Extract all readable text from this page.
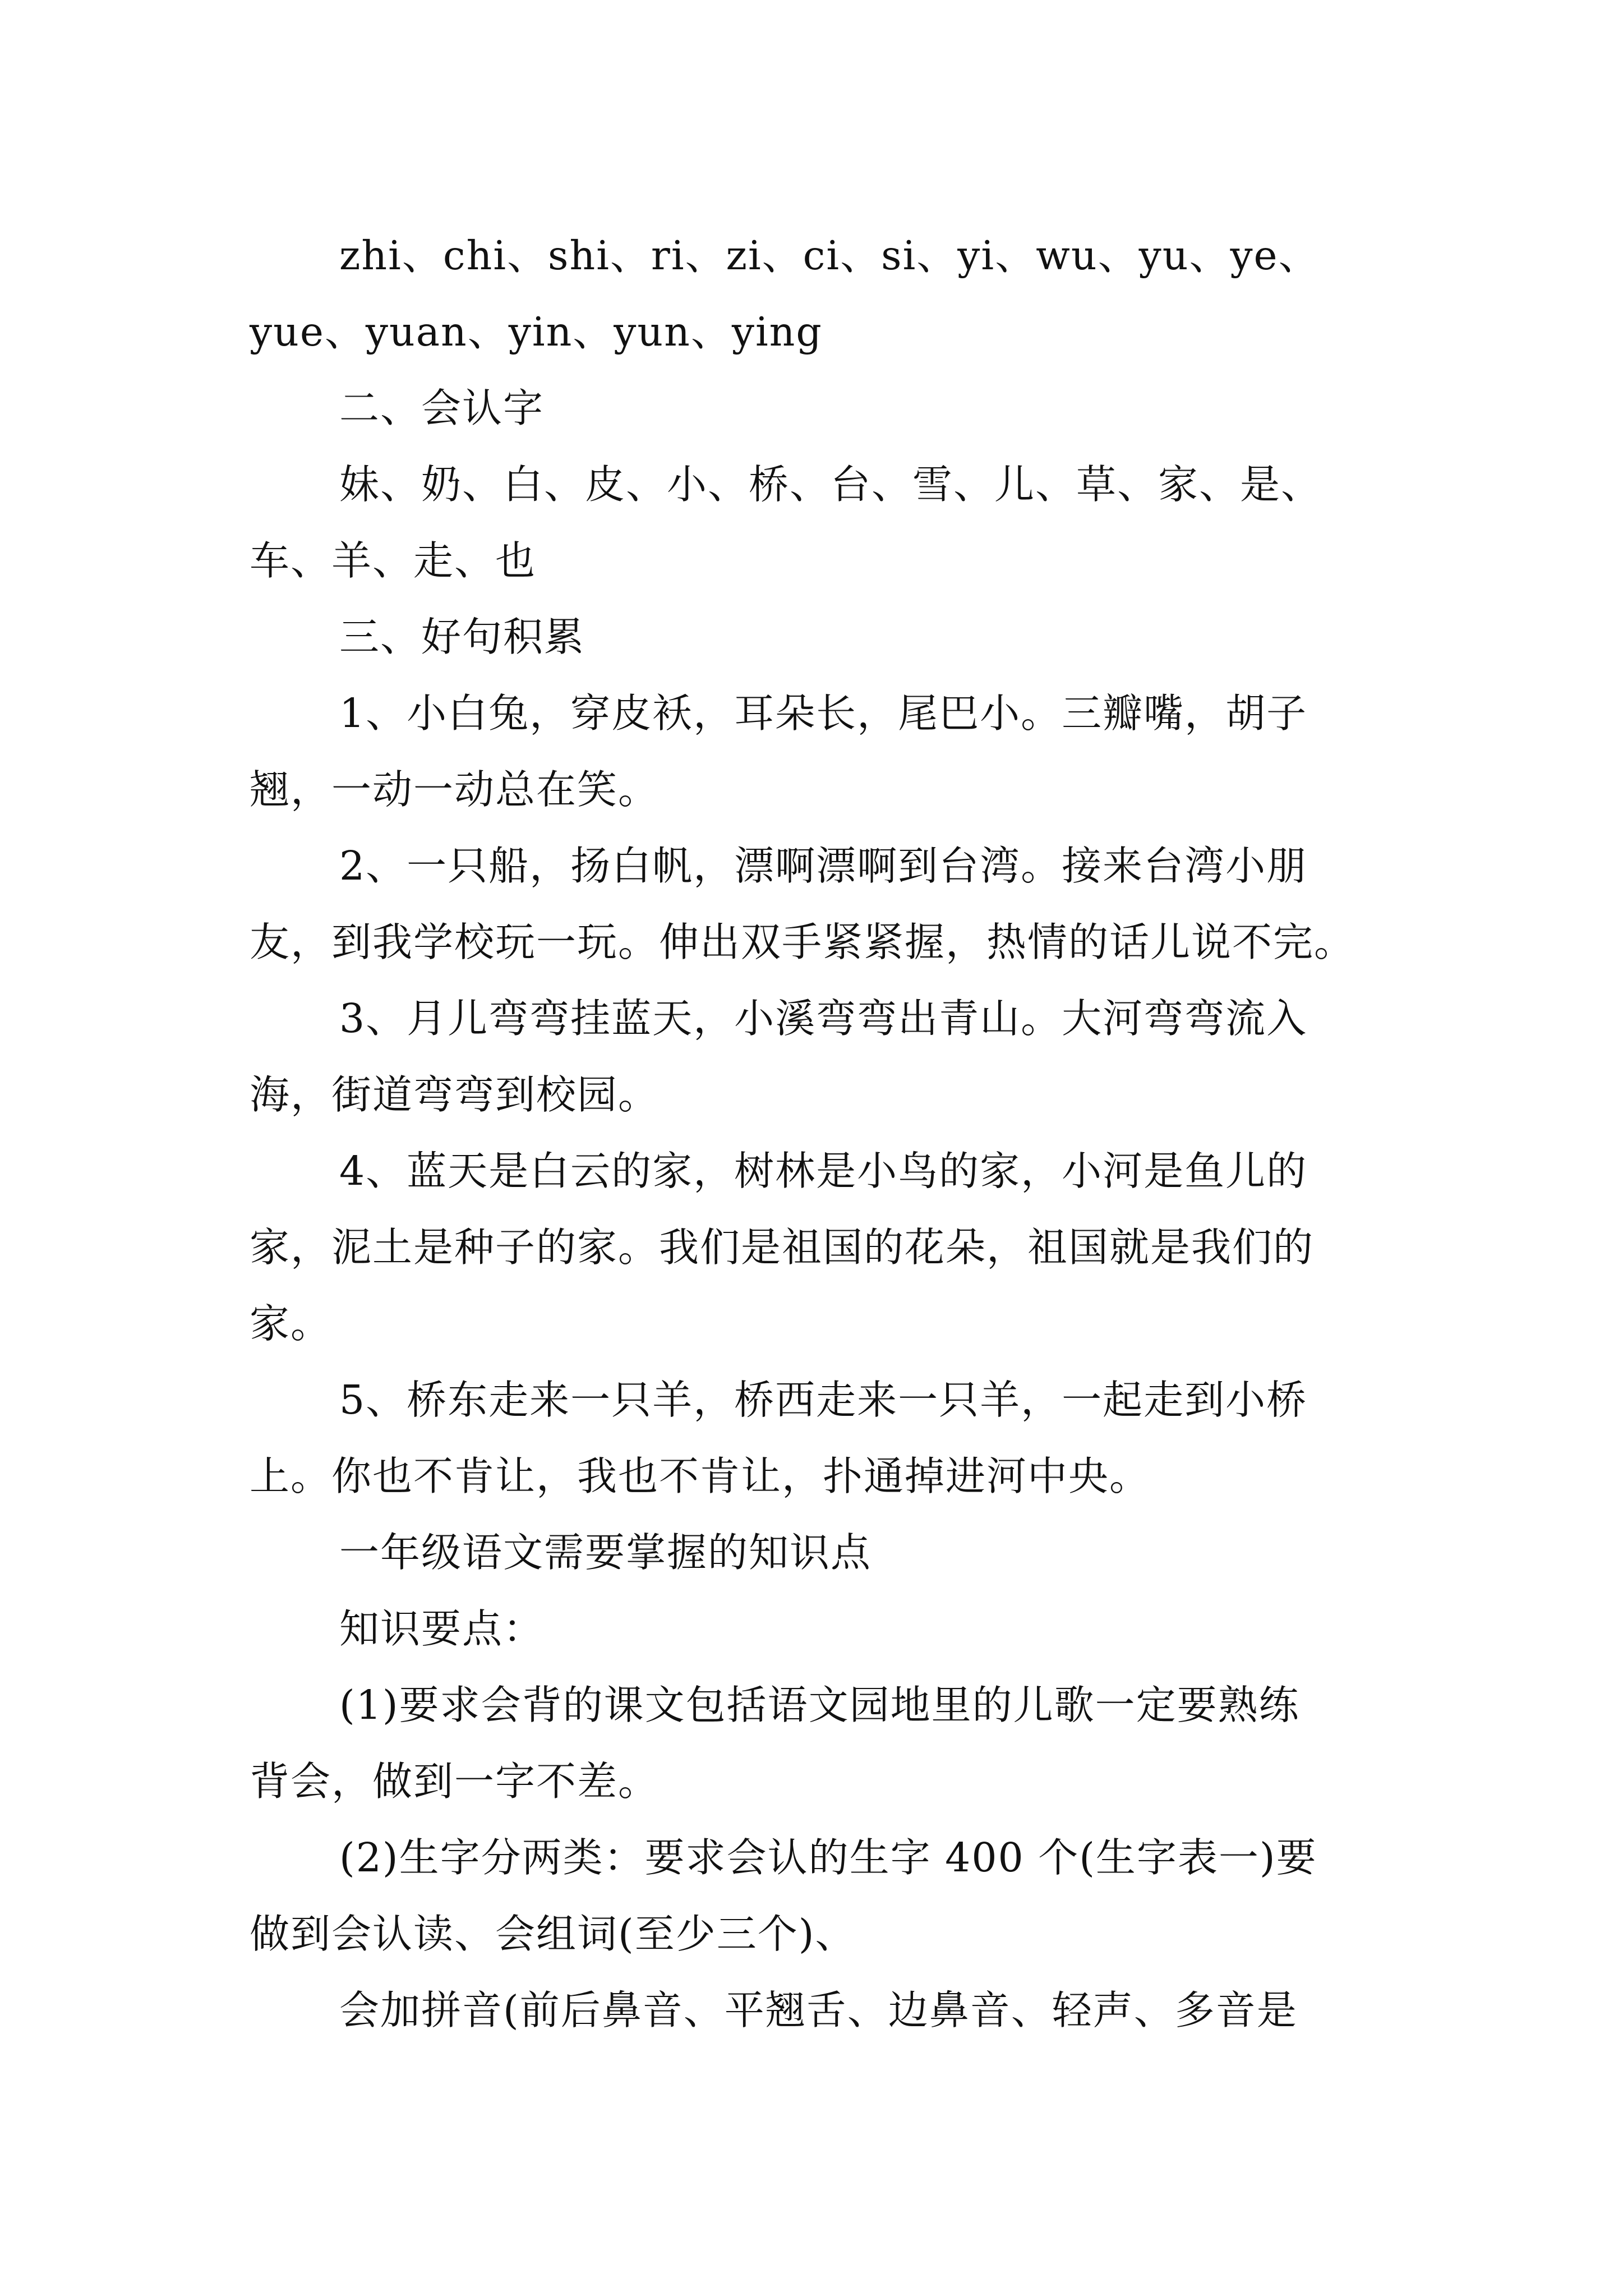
zhi、chi、shi、ri、zi、ci、si、yi、wu、yu、ye、
yue、yuan、yin、yun、ying

二、会认字

妹、奶、白、皮、小、桥、台、雪、儿、草、家、是、
车、羊、走、也

三、好句积累

1、小白兔，穿皮袄，耳朵长，尾巴小。三瓣嘴，胡子
翘，一动一动总在笑。

2、一只船，扬白帆，漂啊漂啊到台湾。接来台湾小朋
友，到我学校玩一玩。伸出双手紧紧握，热情的话儿说不完。

3、月儿弯弯挂蓝天，小溪弯弯出青山。大河弯弯流入
海，街道弯弯到校园。

4、蓝天是白云的家，树林是小鸟的家，小河是鱼儿的
家，泥土是种子的家。我们是祖国的花朵，祖国就是我们的
家。

5、桥东走来一只羊，桥西走来一只羊，一起走到小桥
上。你也不肯让，我也不肯让，扑通掉进河中央。

一年级语文需要掌握的知识点

知识要点：

(1)要求会背的课文包括语文园地里的儿歌一定要熟练
背会，做到一字不差。

(2)生字分两类：要求会认的生字 400 个(生字表一)要
做到会认读、会组词(至少三个)、

会加拼音(前后鼻音、平翘舌、边鼻音、轻声、多音是
